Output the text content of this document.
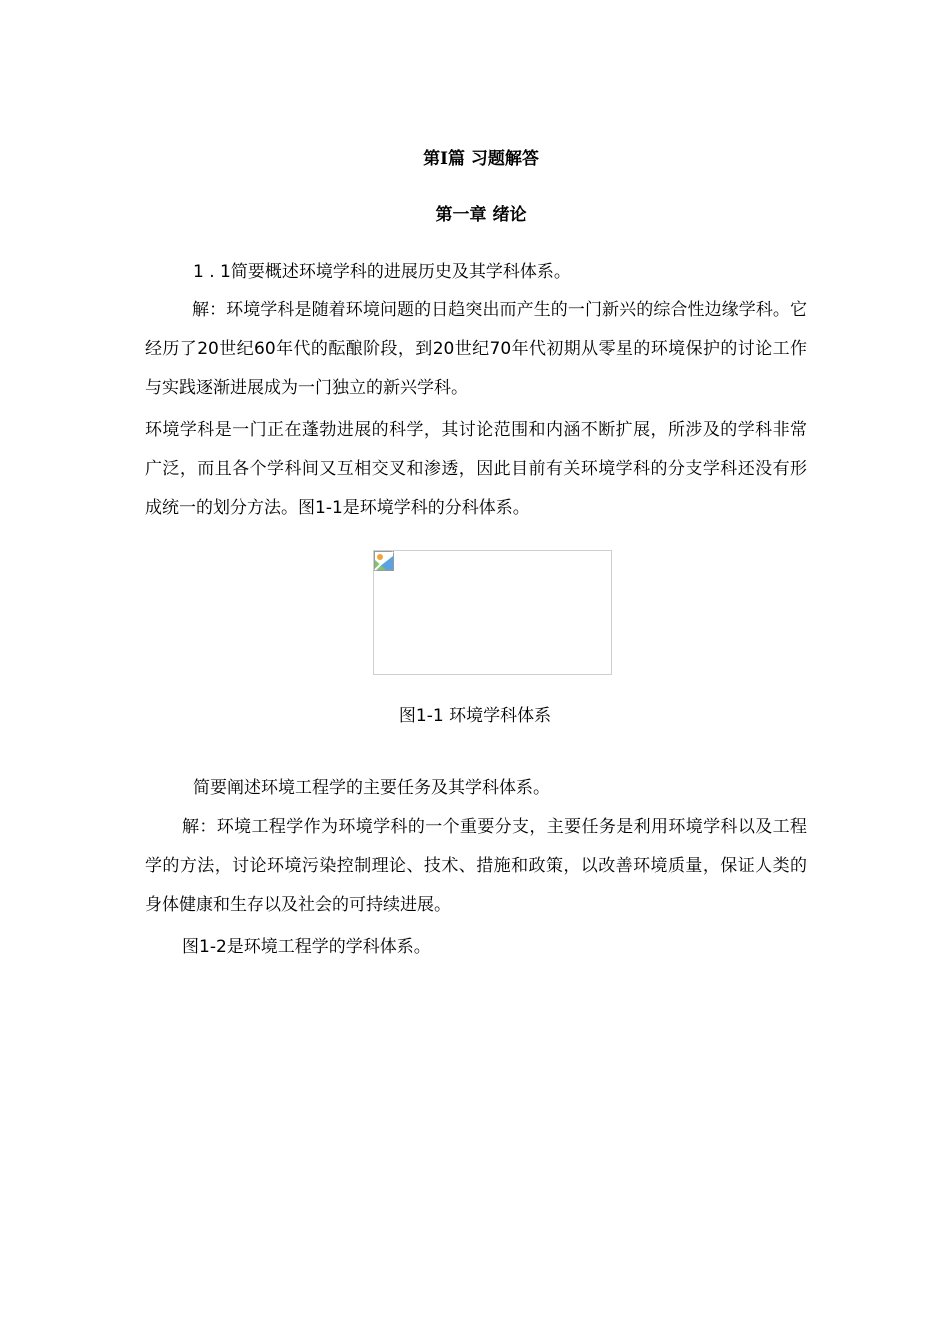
第Ⅰ篇 习题解答
第一章 绪论

1 . 1简要概述环境学科的进展历史及其学科体系。

解：环境学科是随着环境问题的日趋突出而产生的一门新兴的综合性边缘学科。它经历了20世纪60年代的酝酿阶段，到20世纪70年代初期从零星的环境保护的讨论工作与实践逐渐进展成为一门独立的新兴学科。

环境学科是一门正在蓬勃进展的科学，其讨论范围和内涵不断扩展，所涉及的学科非常广泛，而且各个学科间又互相交叉和渗透，因此目前有关环境学科的分支学科还没有形成统一的划分方法。图1-1是环境学科的分科体系。

图1-1 环境学科体系

简要阐述环境工程学的主要任务及其学科体系。

解：环境工程学作为环境学科的一个重要分支，主要任务是利用环境学科以及工程学的方法，讨论环境污染控制理论、技术、措施和政策，以改善环境质量，保证人类的身体健康和生存以及社会的可持续进展。

图1-2是环境工程学的学科体系。
